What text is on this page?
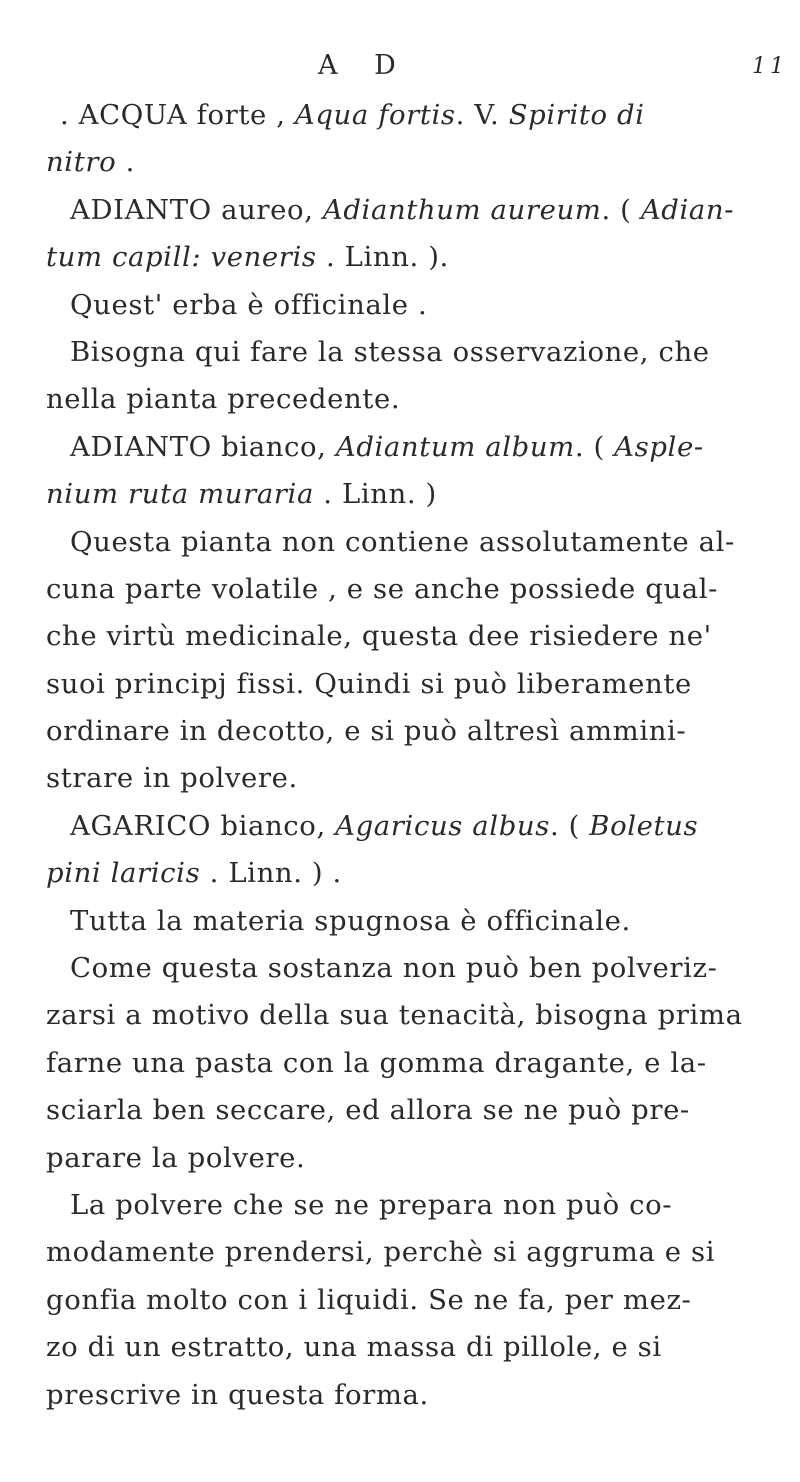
A D	11
. ACQUA forte , Aqua fortis. V. Spirito di
nitro .
ADIANTO aureo, Adianthum aureum. ( Adian-
tum capill: veneris . Linn. ).
Quest' erba è officinale .
Bisogna qui fare la stessa osservazione, che
nella pianta precedente.
ADIANTO bianco, Adiantum album. ( Asple-
nium ruta muraria . Linn. )
Questa pianta non contiene assolutamente al-
cuna parte volatile , e se anche possiede qual-
che virtù medicinale, questa dee risiedere ne'
suoi principj fissi. Quindi si può liberamente
ordinare in decotto, e si può altresì ammini-
strare in polvere.
AGARICO bianco, Agaricus albus. ( Boletus
pini laricis . Linn. ) .
Tutta la materia spugnosa è officinale.
Come questa sostanza non può ben polveriz-
zarsi a motivo della sua tenacità, bisogna prima
farne una pasta con la gomma dragante, e la-
sciarla ben seccare, ed allora se ne può pre-
parare la polvere.
La polvere che se ne prepara non può co-
modamente prendersi, perchè si aggruma e si
gonfia molto con i liquidi. Se ne fa, per mez-
zo di un estratto, una massa di pillole, e si
prescrive in questa forma.
